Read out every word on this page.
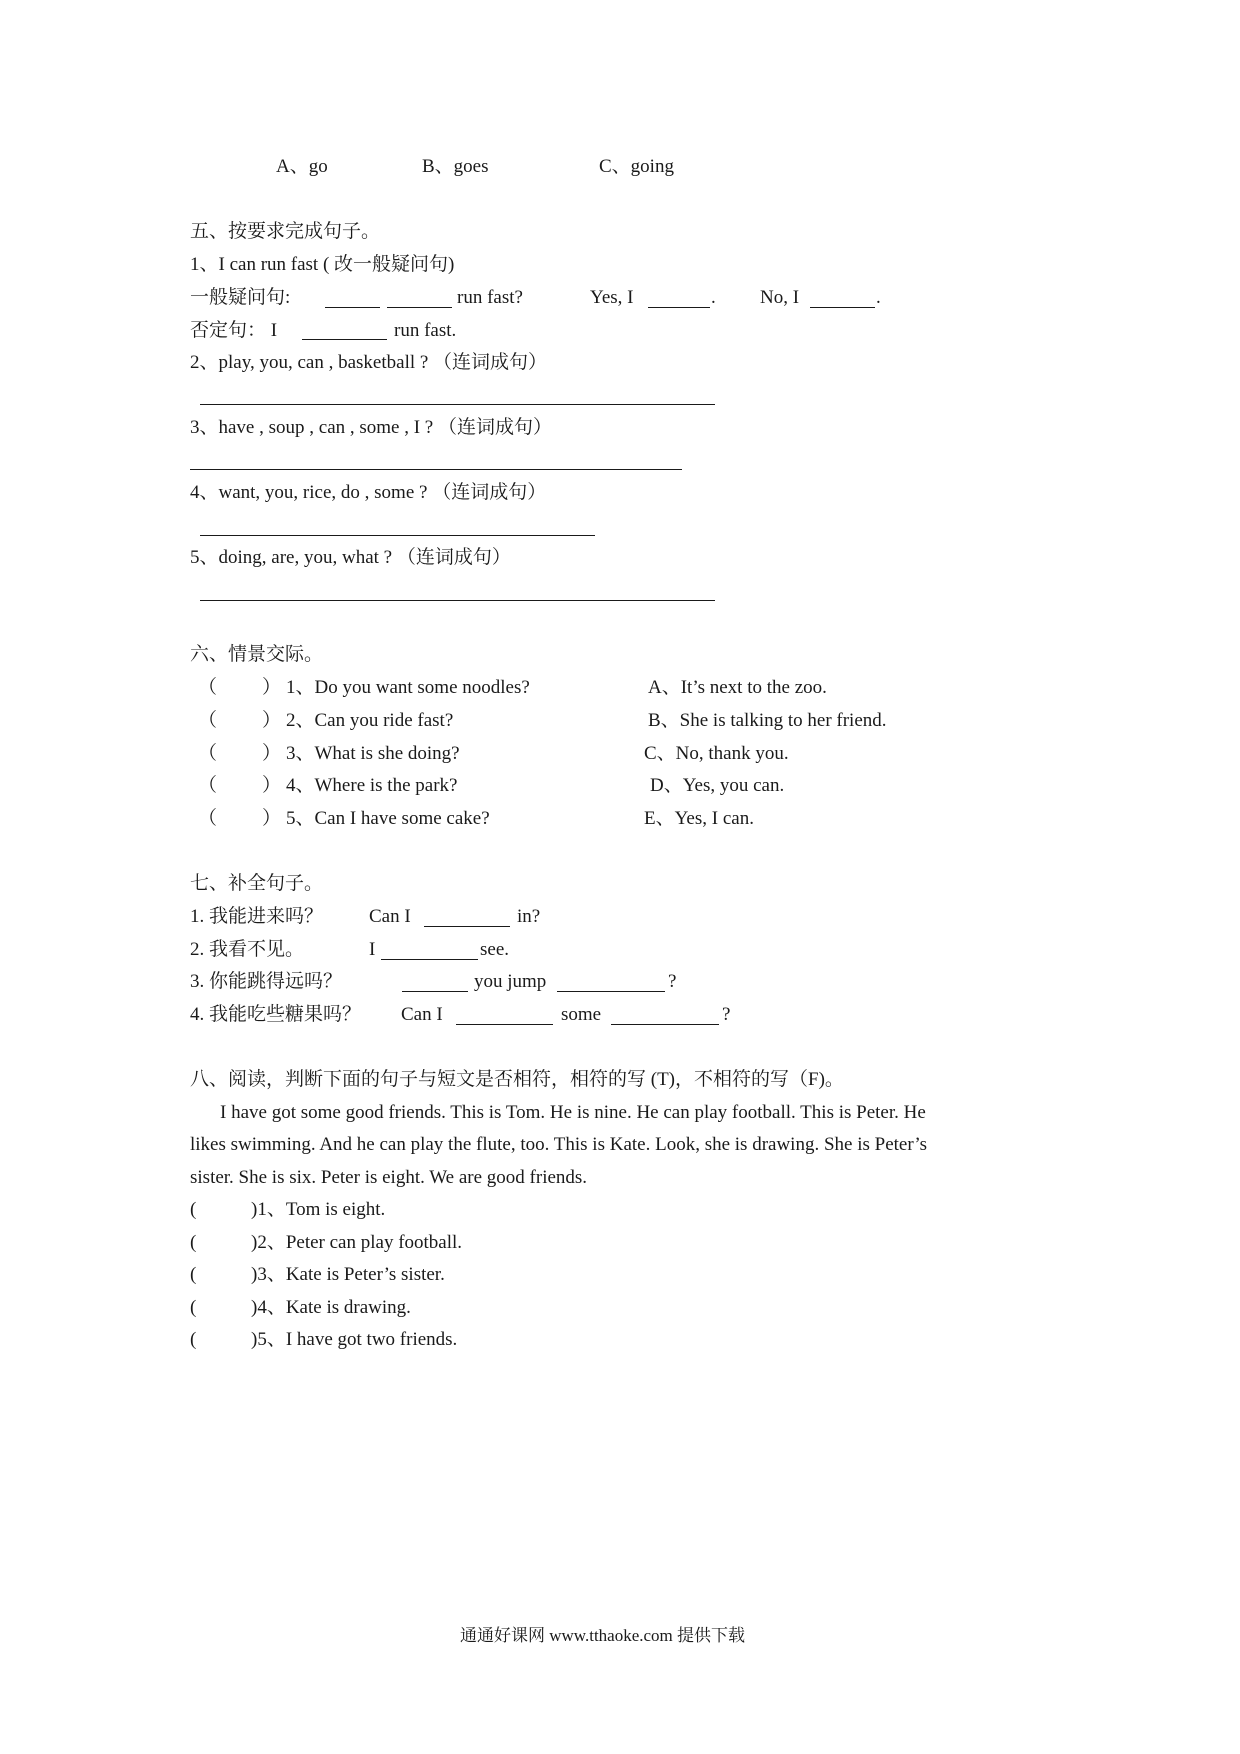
A、go	B、goes	C、going
五、按要求完成句子。
1、I can run fast ( 改一般疑问句)
一般疑问句:	run fast?	Yes, I	. No, I	.
否定句： I	run fast.
2、play, you, can , basketball ? （连词成句）
3、have , soup , can , some , I ? （连词成句）
4、want, you, rice, do , some ? （连词成句）
5、doing, are, you, what ? （连词成句）
六、情景交际。
（ ） 1、Do you want some noodles?	A、It’s next to the zoo.
（ ） 2、Can you ride fast?	B、She is talking to her friend.
（ ） 3、What is she doing?	C、No, thank you.
（ ） 4、Where is the park?	D、Yes, you can.
（ ） 5、Can I have some cake?	E、Yes, I can.
七、补全句子。
1. 我能进来吗？ Can I	in?
2. 我看不见。	I	see.
3. 你能跳得远吗？	you jump	?
4. 我能吃些糖果吗？ Can I	some	?
八、阅读，判断下面的句子与短文是否相符，相符的写 (T)，不相符的写（F)。
I have got some good friends. This is Tom. He is nine. He can play football. This is Peter. He
likes swimming. And he can play the flute, too. This is Kate. Look, she is drawing. She is Peter’s
sister. She is six. Peter is eight. We are good friends.
(	)1、Tom is eight.
(	)2、Peter can play football.
(	)3、Kate is Peter’s sister.
(	)4、Kate is drawing.
(	)5、I have got two friends.
通通好课网 www.tthaoke.com 提供下载
